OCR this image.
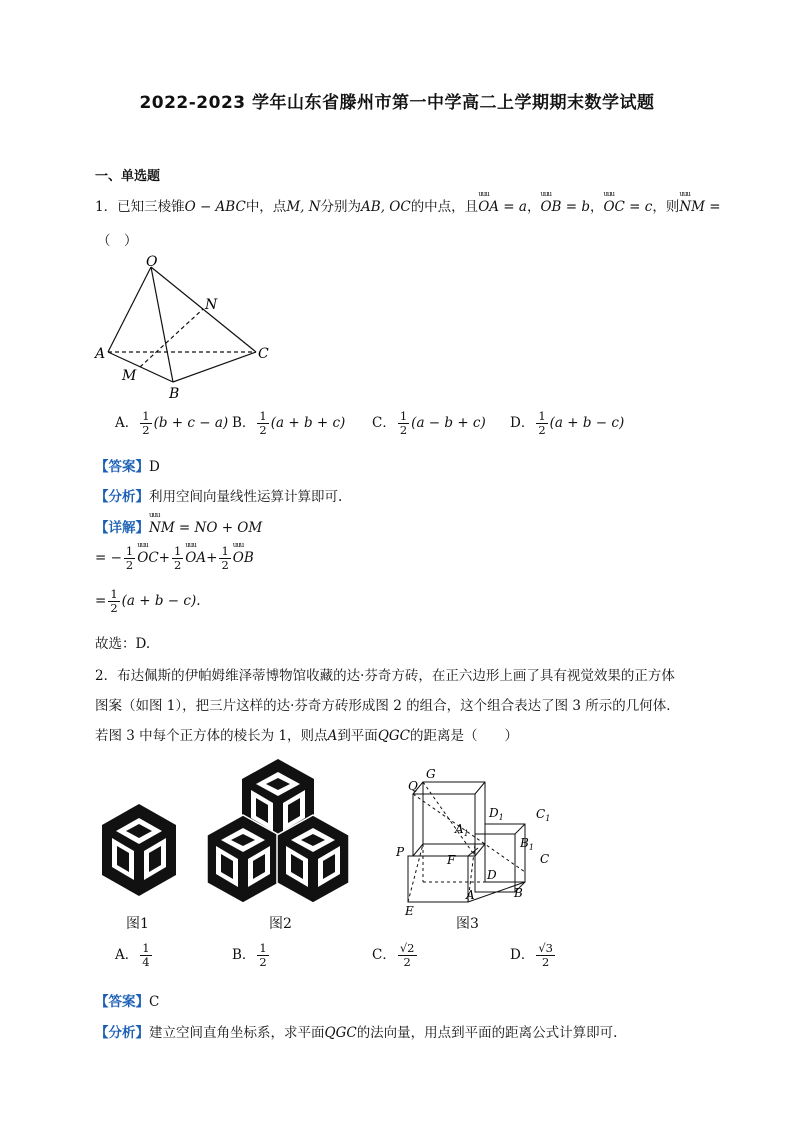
2022-2023 学年山东省滕州市第一中学高二上学期期末数学试题
一、单选题
1．已知三棱锥O − ABC中，点M, N分别为AB, OC的中点，且uuu OA = a，uuu OB = b，uuu OC = c，则uuu NM =
（　）
O
N
A	C
M
B
A． $\frac{1}{2} (b + c - a)$ B． $\frac{1}{2} (a + b + c)$ C． $\frac{1}{2} (a - b + c)$ D． $\frac{1}{2} (a + b - c)$
【答案】D
【分析】利用空间向量线性运算计算即可.
【详解】uuu NM = NO + OM
= − $\frac{1}{2}$ uuu $OC+ \frac{1}{2}$ uuu $OA+ \frac{1}{2}$ uuu OB
= $\frac{1}{2} (a + b - c)$.
故选：D.
2．布达佩斯的伊帕姆维泽蒂博物馆收藏的达·芬奇方砖，在正六边形上画了具有视觉效果的正方体
图案（如图 1），把三片这样的达·芬奇方砖形成图 2 的组合，这个组合表达了图 3 所示的几何体．
若图 3 中每个正方体的棱长为 1，则点A到平面QGC的距离是（　　）
G
Q
$D_1$	$C_1$
$A_1$
$B_1$
P
F	C
D
E
A	B
图1	图2	图3
A． $\frac{1}{4}$	B． $\frac{1}{2}$	C． $\frac{√2}{2}$	D． $\frac{√3}{2}$
【答案】C
【分析】建立空间直角坐标系，求平面QGC的法向量，用点到平面的距离公式计算即可.
